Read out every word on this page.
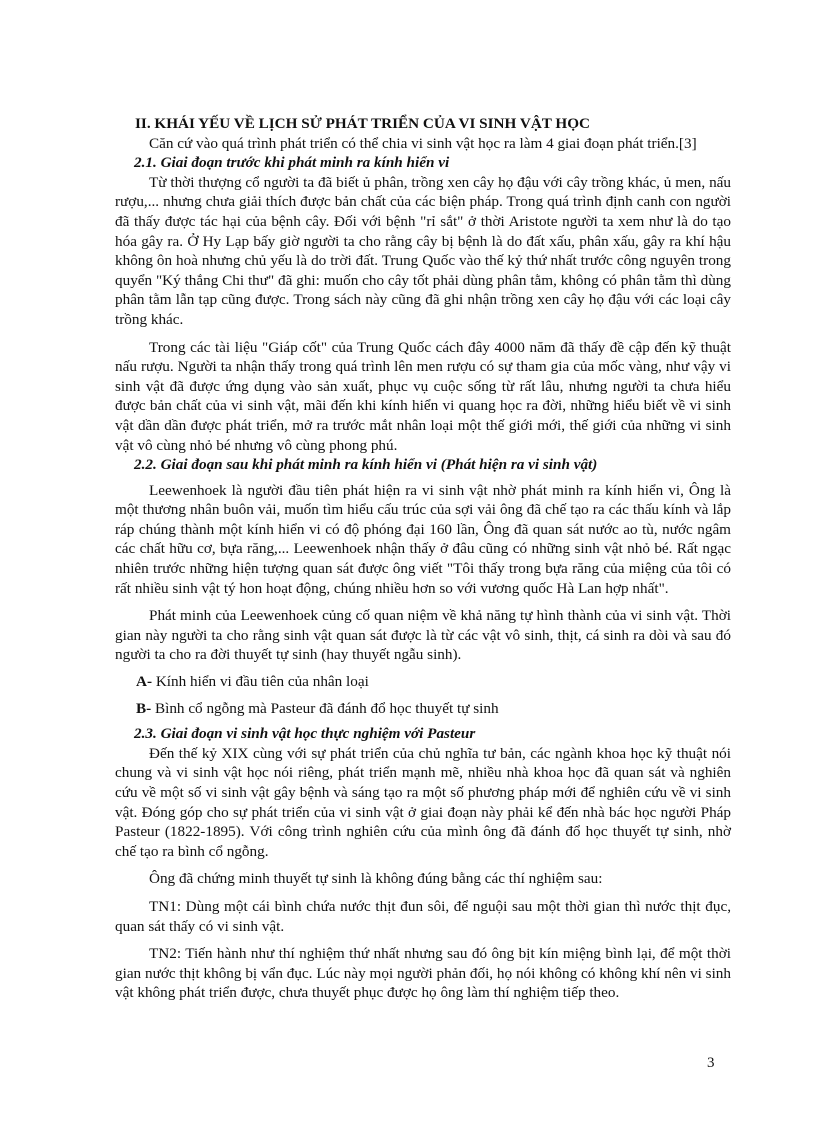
II. KHÁI YẾU VỀ LỊCH SỬ PHÁT TRIỂN CỦA VI SINH VẬT HỌC

Căn cứ vào quá trình phát triển có thể chia vi sinh vật học ra làm 4 giai đoạn phát triển.[3]

2.1. Giai đoạn trước khi phát minh ra kính hiển vi

Từ thời thượng cổ người ta đã biết ủ phân, trồng xen cây họ đậu với cây trồng khác, ủ men, nấu rượu,... nhưng chưa giải thích được bản chất của các biện pháp. Trong quá trình định canh con người đã thấy được tác hại của bệnh cây. Đối với bệnh "rỉ sắt" ở thời Aristote người ta xem như là do tạo hóa gây ra. Ở Hy Lạp bấy giờ người ta cho rằng cây bị bệnh là do đất xấu, phân xấu, gây ra khí hậu không ôn hoà nhưng chủ yếu là do trời đất. Trung Quốc vào thế kỷ thứ nhất trước công nguyên trong quyển "Ký thắng Chi thư" đã ghi: muốn cho cây tốt phải dùng phân tằm, không có phân tằm thì dùng phân tằm lẫn tạp cũng được. Trong sách này cũng đã ghi nhận trồng xen cây họ đậu với các loại cây trồng khác.

Trong các tài liệu "Giáp cốt" của Trung Quốc cách đây 4000 năm đã thấy đề cập đến kỹ thuật nấu rượu. Người ta nhận thấy trong quá trình lên men rượu có sự tham gia của mốc vàng, như vậy vi sinh vật đã được ứng dụng vào sản xuất, phục vụ cuộc sống từ rất lâu, nhưng người ta chưa hiểu được bản chất của vi sinh vật, mãi đến khi kính hiển vi quang học ra đời, những hiểu biết về vi sinh vật dần dần được phát triển, mở ra trước mắt nhân loại một thế giới mới, thế giới của những vi sinh vật vô cùng nhỏ bé nhưng vô cùng phong phú.

2.2. Giai đoạn sau khi phát minh ra kính hiển vi (Phát hiện ra vi sinh vật)

Leewenhoek là người đầu tiên phát hiện ra vi sinh vật nhờ phát minh ra kính hiển vi, Ông là một thương nhân buôn vải, muốn tìm hiểu cấu trúc của sợi vải ông đã chế tạo ra các thấu kính và lắp ráp chúng thành một kính hiển vi có độ phóng đại 160 lần, Ông đã quan sát nước ao tù, nước ngâm các chất hữu cơ, bựa răng,... Leewenhoek nhận thấy ở đâu cũng có những sinh vật nhỏ bé. Rất ngạc nhiên trước những hiện tượng quan sát được ông viết "Tôi thấy trong bựa răng của miệng của tôi có rất nhiều sinh vật tý hon hoạt động, chúng nhiều hơn so với vương quốc Hà Lan hợp nhất".

Phát minh của Leewenhoek củng cố quan niệm về khả năng tự hình thành của vi sinh vật. Thời gian này người ta cho rằng sinh vật quan sát được là từ các vật vô sinh, thịt, cá sinh ra dòi và sau đó người ta cho ra đời thuyết tự sinh (hay thuyết ngẫu sinh).

A- Kính hiển vi đầu tiên của nhân loại

B- Bình cổ ngỗng mà Pasteur đã đánh đổ học thuyết tự sinh

2.3. Giai đoạn vi sinh vật học thực nghiệm với Pasteur

Đến thế kỷ XIX cùng với sự phát triển của chủ nghĩa tư bản, các ngành khoa học kỹ thuật nói chung và vi sinh vật học nói riêng, phát triển mạnh mẽ, nhiều nhà khoa học đã quan sát và nghiên cứu về một số vi sinh vật gây bệnh và sáng tạo ra một số phương pháp mới để nghiên cứu về vi sinh vật. Đóng góp cho sự phát triển của vi sinh vật ở giai đoạn này phải kể đến nhà bác học người Pháp Pasteur (1822-1895). Với công trình nghiên cứu của mình ông đã đánh đổ học thuyết tự sinh, nhờ chế tạo ra bình cổ ngỗng.

Ông đã chứng minh thuyết tự sinh là không đúng bằng các thí nghiệm sau:

TN1: Dùng một cái bình chứa nước thịt đun sôi, để nguội sau một thời gian thì nước thịt đục, quan sát thấy có vi sinh vật.

TN2: Tiến hành như thí nghiệm thứ nhất nhưng sau đó ông bịt kín miệng bình lại, để một thời gian nước thịt không bị vẩn đục. Lúc này mọi người phản đối, họ nói không có không khí nên vi sinh vật không phát triển được, chưa thuyết phục được họ ông làm thí nghiệm tiếp theo.

3
